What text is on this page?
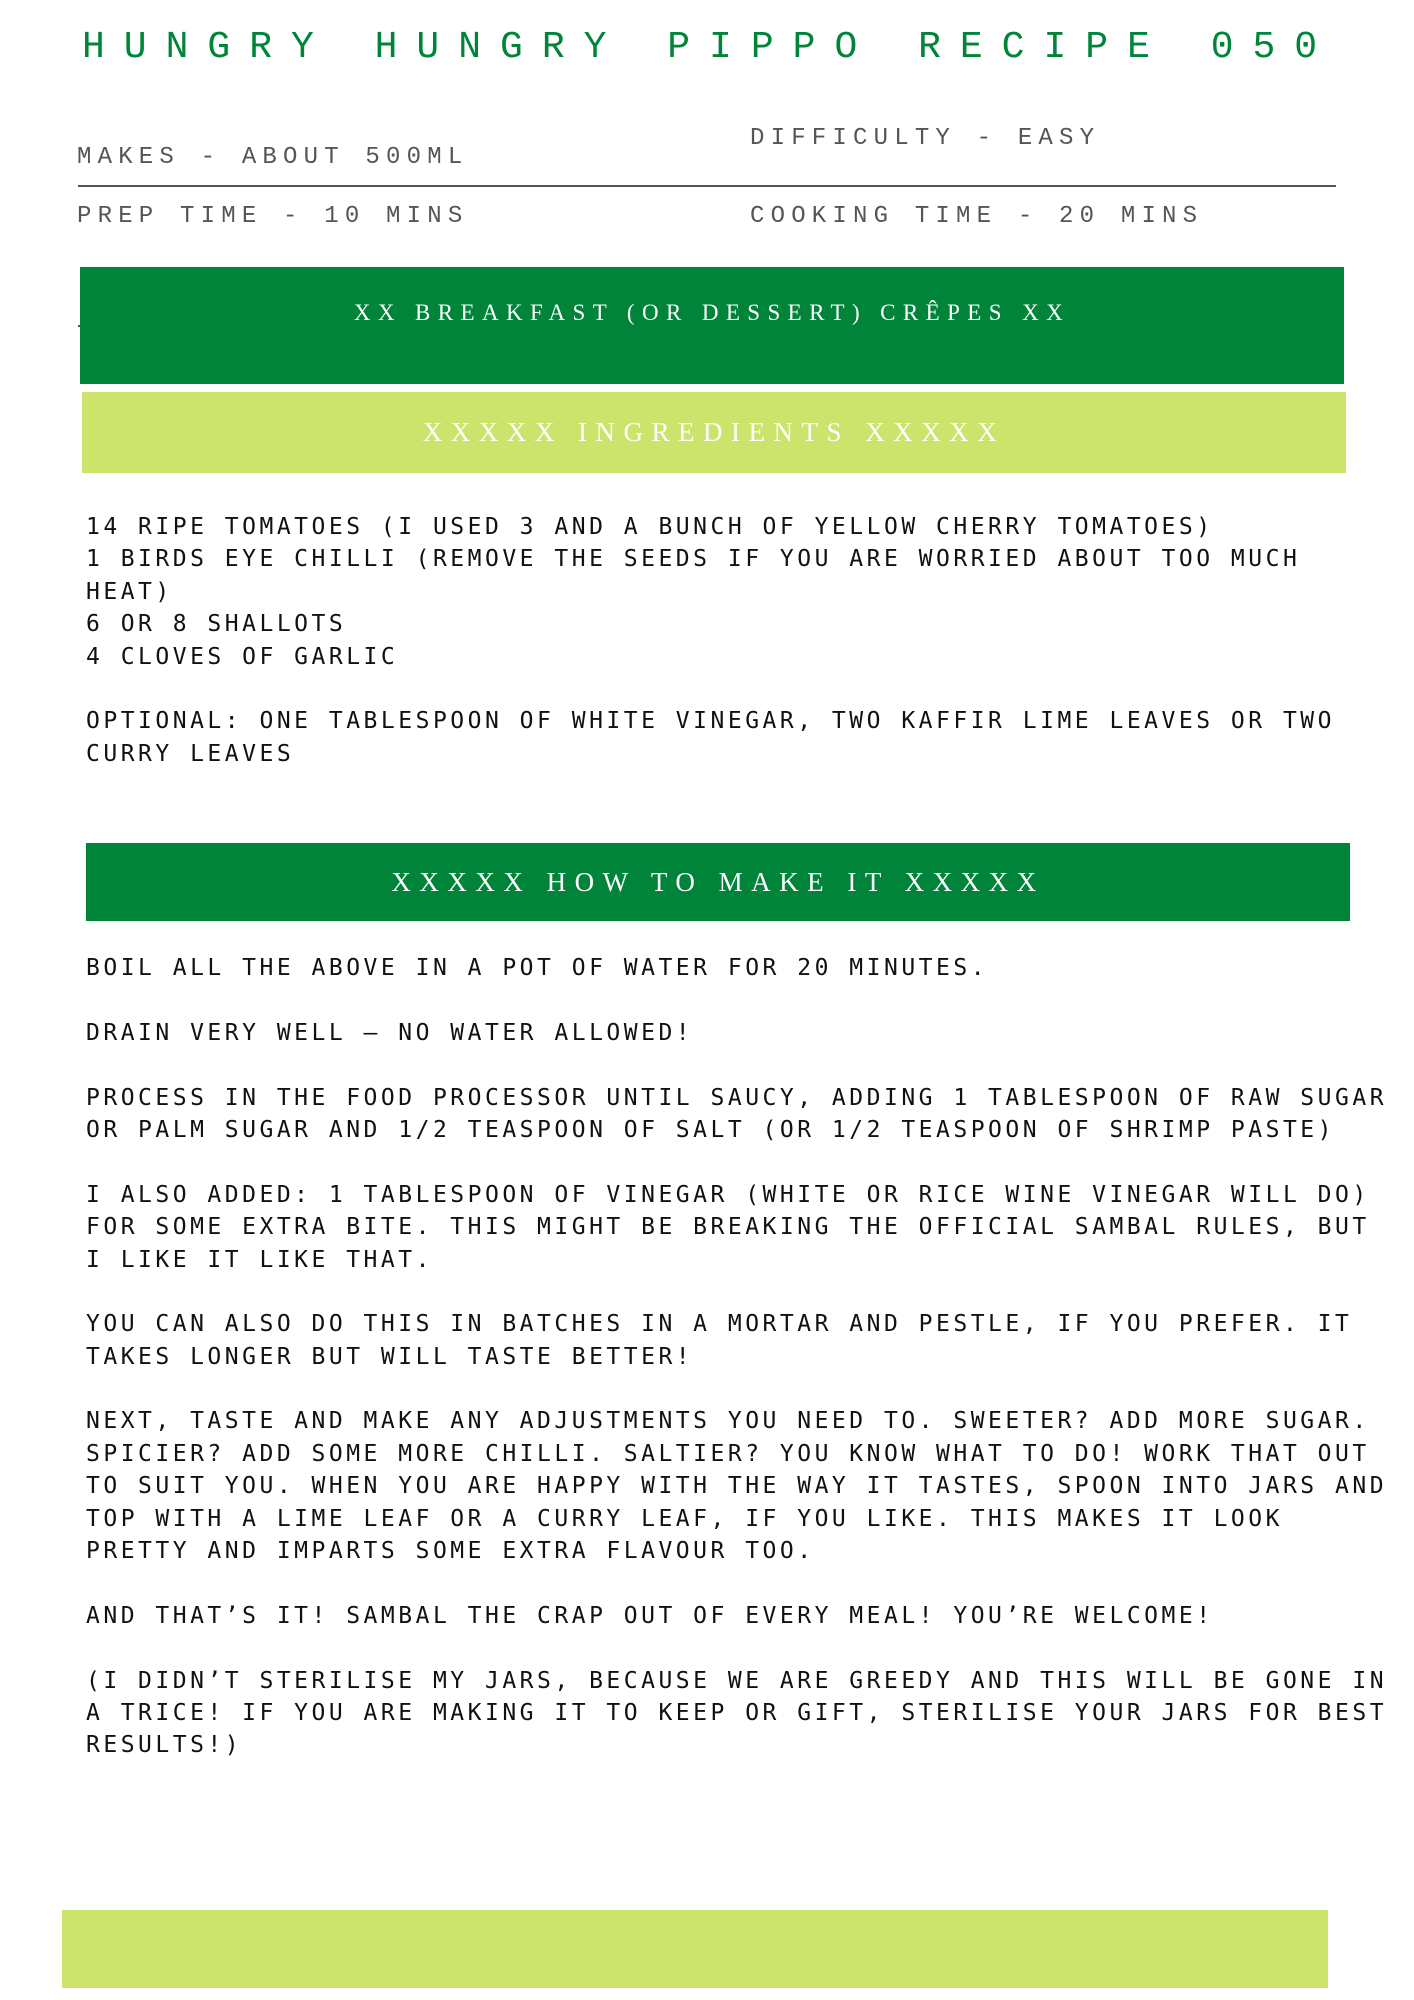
HUNGRY HUNGRY PIPPO RECIPE 050
MAKES - ABOUT 500ML
DIFFICULTY - EASY
PREP TIME - 10 MINS	COOKING TIME - 20 MINS
XX BREAKFAST (OR DESSERT) CRÊPES XX
XXXXX INGREDIENTS XXXXX
14 RIPE TOMATOES (I USED 3 AND A BUNCH OF YELLOW CHERRY TOMATOES)
1 BIRDS EYE CHILLI (REMOVE THE SEEDS IF YOU ARE WORRIED ABOUT TOO MUCH
HEAT)
6 OR 8 SHALLOTS
4 CLOVES OF GARLIC
OPTIONAL: ONE TABLESPOON OF WHITE VINEGAR, TWO KAFFIR LIME LEAVES OR TWO
CURRY LEAVES
XXXXX HOW TO MAKE IT XXXXX
BOIL ALL THE ABOVE IN A POT OF WATER FOR 20 MINUTES.
DRAIN VERY WELL – NO WATER ALLOWED!
PROCESS IN THE FOOD PROCESSOR UNTIL SAUCY, ADDING 1 TABLESPOON OF RAW SUGAR
OR PALM SUGAR AND 1/2 TEASPOON OF SALT (OR 1/2 TEASPOON OF SHRIMP PASTE)
I ALSO ADDED: 1 TABLESPOON OF VINEGAR (WHITE OR RICE WINE VINEGAR WILL DO)
FOR SOME EXTRA BITE. THIS MIGHT BE BREAKING THE OFFICIAL SAMBAL RULES, BUT
I LIKE IT LIKE THAT.
YOU CAN ALSO DO THIS IN BATCHES IN A MORTAR AND PESTLE, IF YOU PREFER. IT
TAKES LONGER BUT WILL TASTE BETTER!
NEXT, TASTE AND MAKE ANY ADJUSTMENTS YOU NEED TO. SWEETER? ADD MORE SUGAR.
SPICIER? ADD SOME MORE CHILLI. SALTIER? YOU KNOW WHAT TO DO! WORK THAT OUT
TO SUIT YOU. WHEN YOU ARE HAPPY WITH THE WAY IT TASTES, SPOON INTO JARS AND
TOP WITH A LIME LEAF OR A CURRY LEAF, IF YOU LIKE. THIS MAKES IT LOOK
PRETTY AND IMPARTS SOME EXTRA FLAVOUR TOO.
AND THAT’S IT! SAMBAL THE CRAP OUT OF EVERY MEAL! YOU’RE WELCOME!
(I DIDN’T STERILISE MY JARS, BECAUSE WE ARE GREEDY AND THIS WILL BE GONE IN
A TRICE! IF YOU ARE MAKING IT TO KEEP OR GIFT, STERILISE YOUR JARS FOR BEST
RESULTS!)
